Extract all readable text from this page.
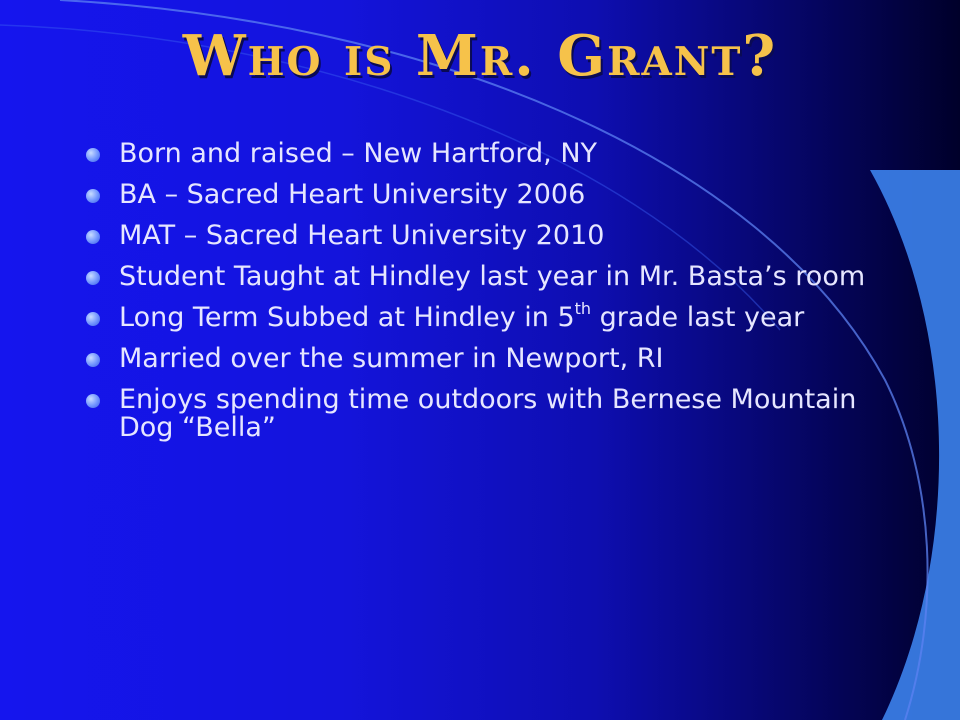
Who is Mr. Grant?
Born and raised – New Hartford, NY
BA – Sacred Heart University 2006
MAT – Sacred Heart University 2010
Student Taught at Hindley last year in Mr. Basta’s room
Long Term Subbed at Hindley in 5th grade last year
Married over the summer in Newport, RI
Enjoys spending time outdoors with Bernese Mountain Dog “Bella”
